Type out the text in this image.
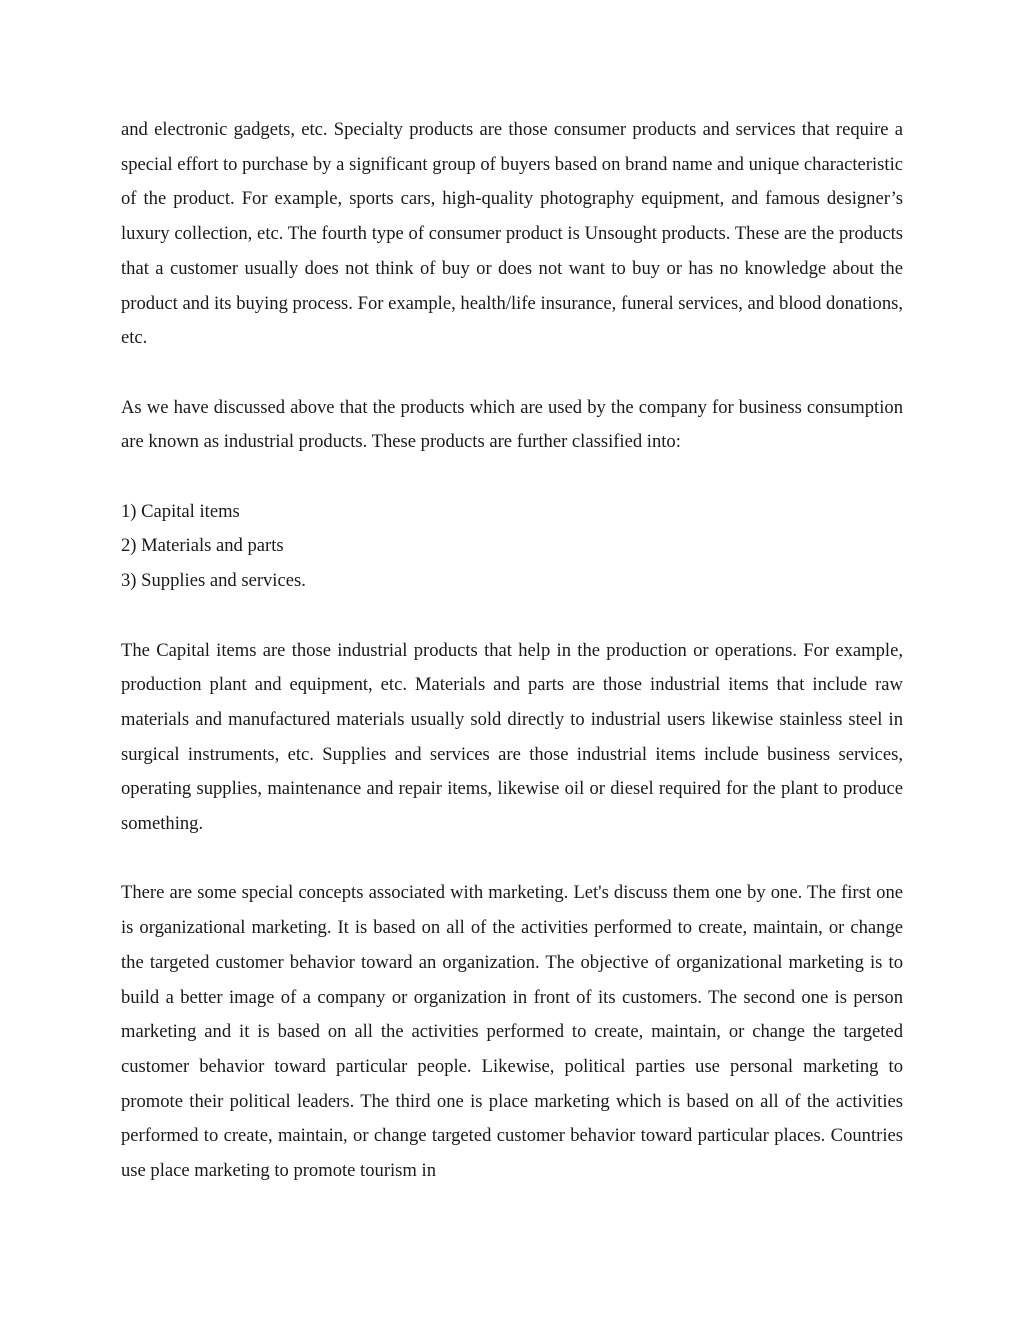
and electronic gadgets, etc. Specialty products are those consumer products and services that require a special effort to purchase by a significant group of buyers based on brand name and unique characteristic of the product. For example, sports cars, high-quality photography equipment, and famous designer’s luxury collection, etc. The fourth type of consumer product is Unsought products. These are the products that a customer usually does not think of buy or does not want to buy or has no knowledge about the product and its buying process. For example, health/life insurance, funeral services, and blood donations, etc.

As we have discussed above that the products which are used by the company for business consumption are known as industrial products. These products are further classified into:

1) Capital items
2) Materials and parts
3) Supplies and services.

The Capital items are those industrial products that help in the production or operations. For example, production plant and equipment, etc. Materials and parts are those industrial items that include raw materials and manufactured materials usually sold directly to industrial users likewise stainless steel in surgical instruments, etc. Supplies and services are those industrial items include business services, operating supplies, maintenance and repair items, likewise oil or diesel required for the plant to produce something.

There are some special concepts associated with marketing. Let's discuss them one by one. The first one is organizational marketing. It is based on all of the activities performed to create, maintain, or change the targeted customer behavior toward an organization. The objective of organizational marketing is to build a better image of a company or organization in front of its customers. The second one is person marketing and it is based on all the activities performed to create, maintain, or change the targeted customer behavior toward particular people. Likewise, political parties use personal marketing to promote their political leaders. The third one is place marketing which is based on all of the activities performed to create, maintain, or change targeted customer behavior toward particular places. Countries use place marketing to promote tourism in
